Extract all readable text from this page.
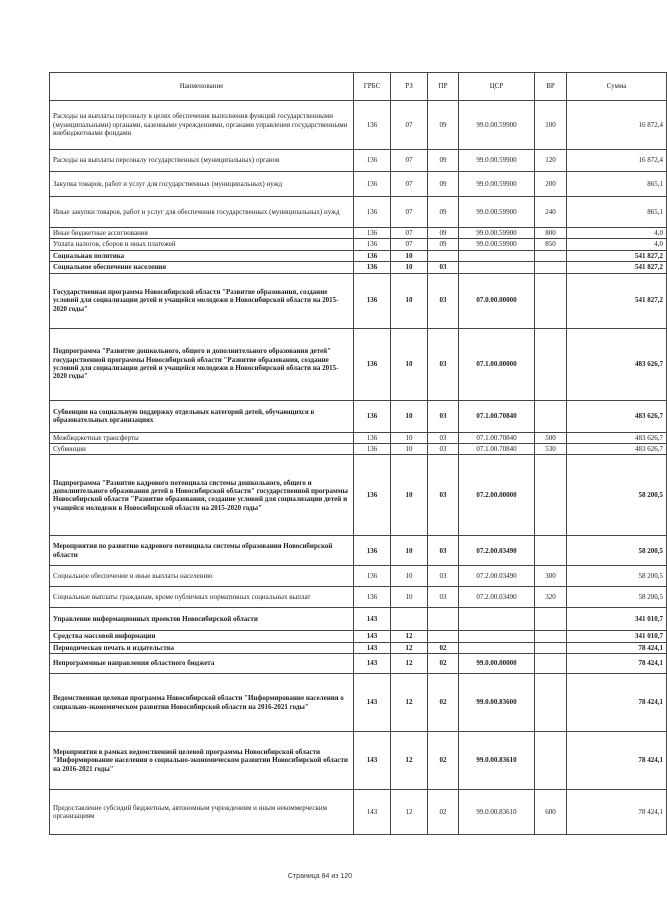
Наименование	ГРБС	РЗ	ПР	ЦСР	ВР	Сумма
Расходы на выплаты персоналу в целях обеспечения выполнения функций государственными (муниципальными) органами, казенными учреждениями, органами управления государственными внебюджетными фондами	136	07	09	99.0.00.59900	100	16 872,4
Расходы на выплаты персоналу государственных (муниципальных) органов	136	07	09	99.0.00.59900	120	16 872,4
Закупка товаров, работ и услуг для государственных (муниципальных) нужд	136	07	09	99.0.00.59900	200	865,1
Иные закупки товаров, работ и услуг для обеспечения государственных (муниципальных) нужд	136	07	09	99.0.00.59900	240	865,1
Иные бюджетные ассигнования	136	07	09	99.0.00.59900	800	4,0
Уплата налогов, сборов и иных платежей	136	07	09	99.0.00.59900	850	4,0
Социальная политика	136	10				541 827,2
Социальное обеспечение населения	136	10	03			541 827,2
Государственная программа Новосибирской области "Развитие образования, создание условий для социализации детей и учащейся молодежи в Новосибирской области на 2015-2020 годы"	136	10	03	07.0.00.00000		541 827,2
Подпрограмма "Развитие дошкольного, общего и дополнительного образования детей" государственной программы Новосибирской области "Развитие образования, создание условий для социализации детей и учащейся молодежи в Новосибирской области на 2015-2020 годы"	136	10	03	07.1.00.00000		483 626,7
Субвенции на социальную поддержку отдельных категорий детей, обучающихся в образовательных организациях	136	10	03	07.1.00.70840		483 626,7
Межбюджетные трансферты	136	10	03	07.1.00.70840	500	483 626,7
Субвенции	136	10	03	07.1.00.70840	530	483 626,7
Подпрограмма "Развитие кадрового потенциала системы дошкольного, общего и дополнительного образования детей в Новосибирской области" государственной программы Новосибирской области "Развитие образования, создание условий для социализации детей и учащейся молодежи в Новосибирской области на 2015-2020 годы"	136	10	03	07.2.00.00000		58 200,5
Мероприятия по развитию кадрового потенциала системы образования Новосибирской области	136	10	03	07.2.00.03490		58 200,5
Социальное обеспечение и иные выплаты населению	136	10	03	07.2.00.03490	300	58 200,5
Социальные выплаты гражданам, кроме публичных нормативных социальных выплат	136	10	03	07.2.00.03490	320	58 200,5
Управление информационных проектов Новосибирской области	143					341 010,7
Средства массовой информации	143	12				341 010,7
Периодическая печать и издательства	143	12	02			78 424,1
Непрограммные направления областного бюджета	143	12	02	99.0.00.00000		78 424,1
Ведомственная целевая программа Новосибирской области "Информирование населения о социально-экономическом развитии Новосибирской области на 2016-2021 годы"	143	12	02	99.0.00.83600		78 424,1
Мероприятия в рамках ведомственной целевой программы Новосибирской области "Информирование населения о социально-экономическом развитии Новосибирской области на 2016-2021 годы"	143	12	02	99.0.00.83610		78 424,1
Предоставление субсидий бюджетным, автономным учреждениям и иным некоммерческим организациям	143	12	02	99.0.00.83610	600	78 424,1
Страница 84 из 120
